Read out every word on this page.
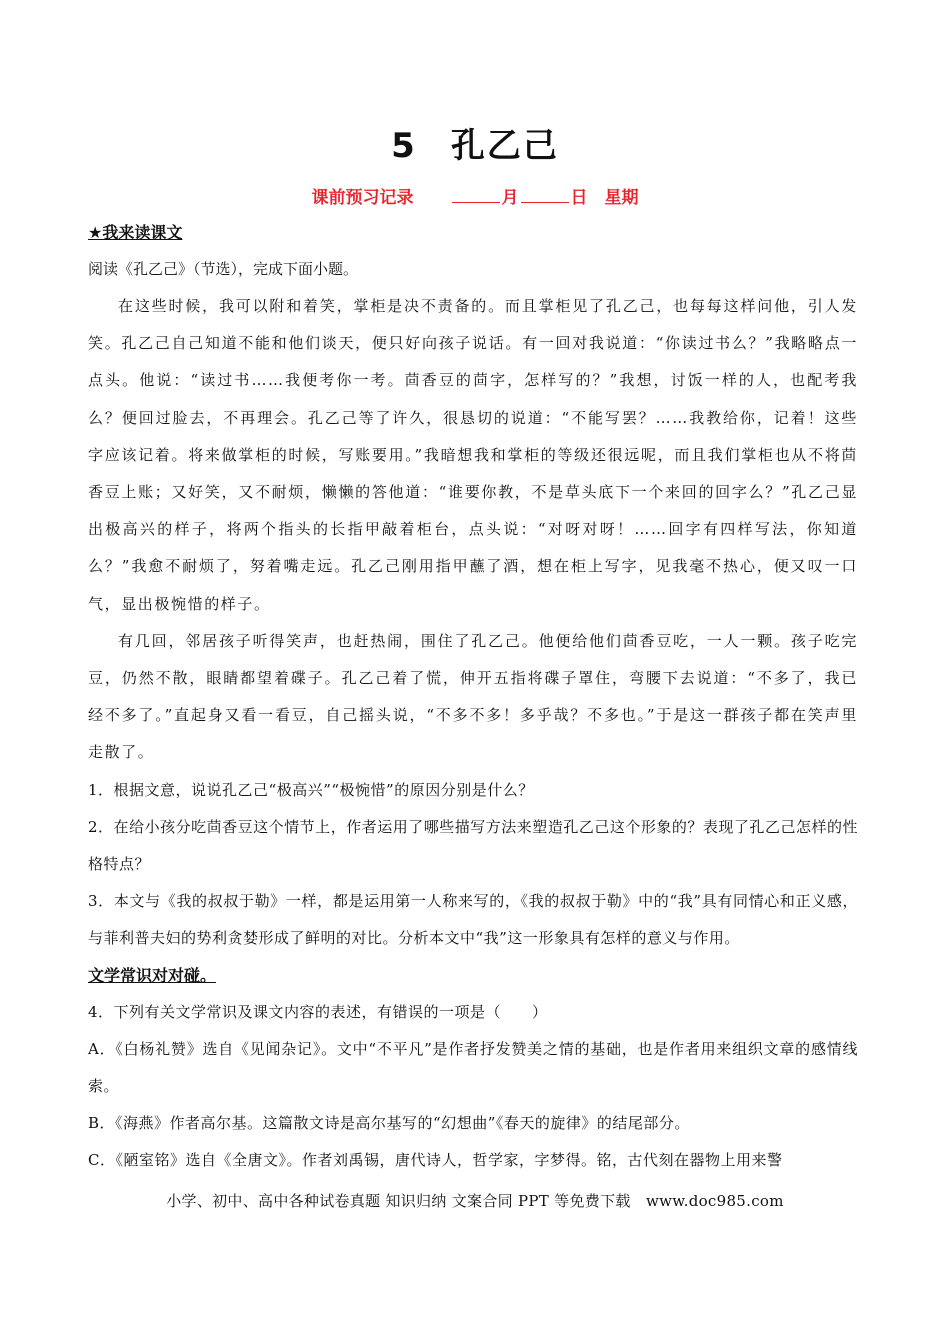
5 孔乙己
课前预习记录	月	日　 星期
★我来读课文
阅读《孔乙己》（节选），完成下面小题。
在这些时候，我可以附和着笑，掌柜是决不责备的。而且掌柜见了孔乙己，也每每这样问他，引人发笑。孔乙己自己知道不能和他们谈天，便只好向孩子说话。有一回对我说道：“你读过书么？”我略略点一点头。他说：“读过书……我便考你一考。茴香豆的茴字，怎样写的？”我想，讨饭一样的人，也配考我么？便回过脸去，不再理会。孔乙己等了许久，很恳切的说道：“不能写罢？……我教给你，记着！这些字应该记着。将来做掌柜的时候，写账要用。”我暗想我和掌柜的等级还很远呢，而且我们掌柜也从不将茴香豆上账；又好笑，又不耐烦，懒懒的答他道：“谁要你教，不是草头底下一个来回的回字么？”孔乙己显出极高兴的样子，将两个指头的长指甲敲着柜台，点头说：“对呀对呀！……回字有四样写法，你知道么？”我愈不耐烦了，努着嘴走远。孔乙己刚用指甲蘸了酒，想在柜上写字，见我毫不热心，便又叹一口气，显出极惋惜的样子。
有几回，邻居孩子听得笑声，也赶热闹，围住了孔乙己。他便给他们茴香豆吃，一人一颗。孩子吃完豆，仍然不散，眼睛都望着碟子。孔乙己着了慌，伸开五指将碟子罩住，弯腰下去说道：“不多了，我已经不多了。”直起身又看一看豆，自己摇头说，“不多不多！多乎哉？不多也。”于是这一群孩子都在笑声里走散了。
1．根据文意，说说孔乙己“极高兴”“极惋惜”的原因分别是什么？
2．在给小孩分吃茴香豆这个情节上，作者运用了哪些描写方法来塑造孔乙己这个形象的？表现了孔乙己怎样的性格特点？
3．本文与《我的叔叔于勒》一样，都是运用第一人称来写的，《我的叔叔于勒》中的“我”具有同情心和正义感，与菲利普夫妇的势利贪婪形成了鲜明的对比。分析本文中“我”这一形象具有怎样的意义与作用。
文学常识对对碰。
4．下列有关文学常识及课文内容的表述，有错误的一项是（　　）
A．《白杨礼赞》选自《见闻杂记》。文中“不平凡”是作者抒发赞美之情的基础，也是作者用来组织文章的感情线索。
B．《海燕》作者高尔基。这篇散文诗是高尔基写的“幻想曲”《春天的旋律》的结尾部分。
C．《陋室铭》选自《全唐文》。作者刘禹锡，唐代诗人，哲学家，字梦得。铭，古代刻在器物上用来警
小学、初中、高中各种试卷真题 知识归纳 文案合同 PPT 等免费下载　www.doc985.com
